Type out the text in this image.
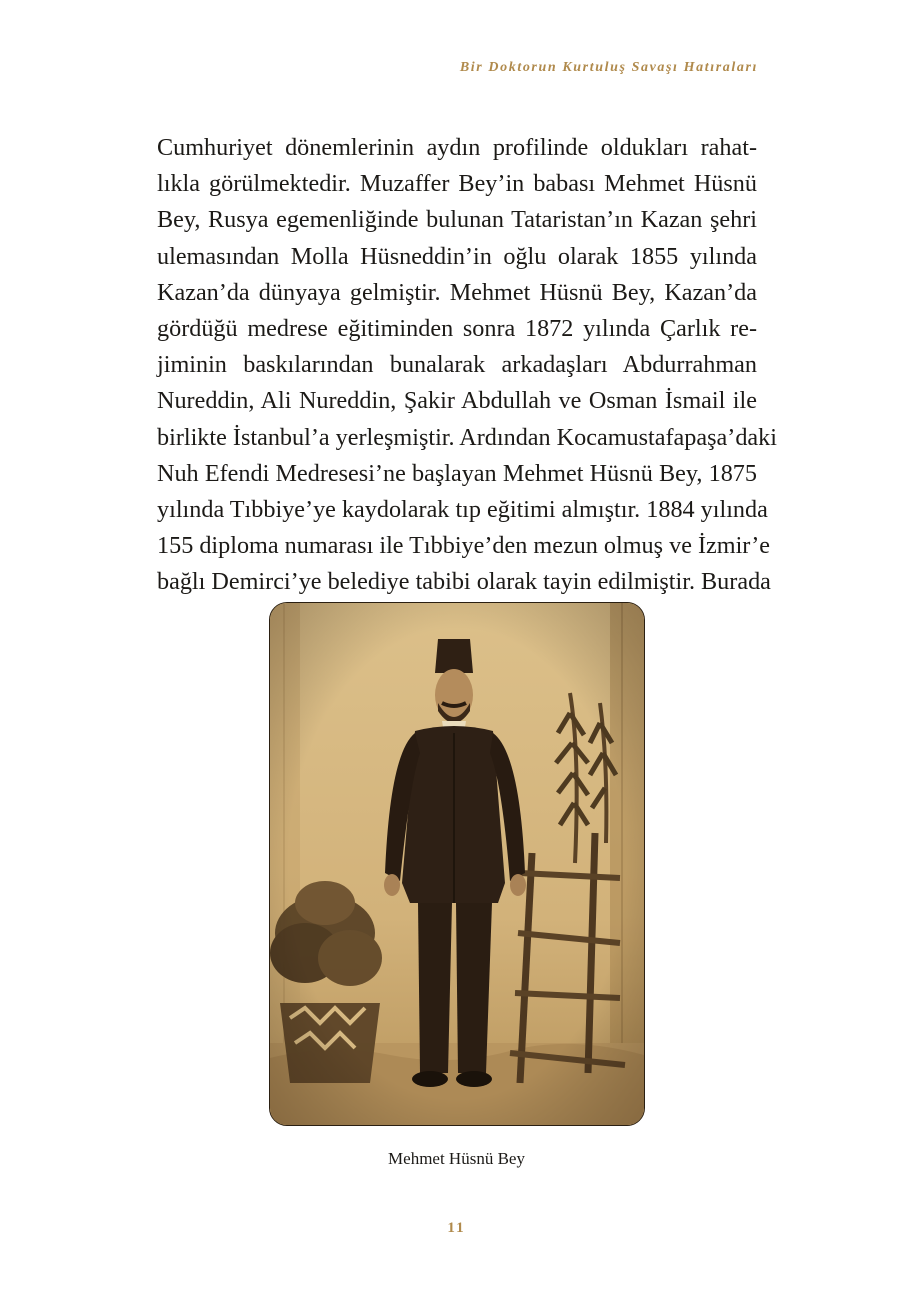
Bir Doktorun Kurtuluş Savaşı Hatıraları
Cumhuriyet dönemlerinin aydın profilinde oldukları rahat-
lıkla görülmektedir. Muzaffer Bey’in babası Mehmet Hüsnü
Bey, Rusya egemenliğinde bulunan Tataristan’ın Kazan şehri
ulemasından Molla Hüsneddin’in oğlu olarak 1855 yılında
Kazan’da dünyaya gelmiştir. Mehmet Hüsnü Bey, Kazan’da
gördüğü medrese eğitiminden sonra 1872 yılında Çarlık re-
jiminin baskılarından bunalarak arkadaşları Abdurrahman
Nureddin, Ali Nureddin, Şakir Abdullah ve Osman İsmail ile
birlikte İstanbul’a yerleşmiştir. Ardından Kocamustafapaşa’daki
Nuh Efendi Medresesi’ne başlayan Mehmet Hüsnü Bey, 1875
yılında Tıbbiye’ye kaydolarak tıp eğitimi almıştır. 1884 yılında
155 diploma numarası ile Tıbbiye’den mezun olmuş ve İzmir’e
bağlı Demirci’ye belediye tabibi olarak tayin edilmiştir. Burada
Mehmet Hüsnü Bey
11
